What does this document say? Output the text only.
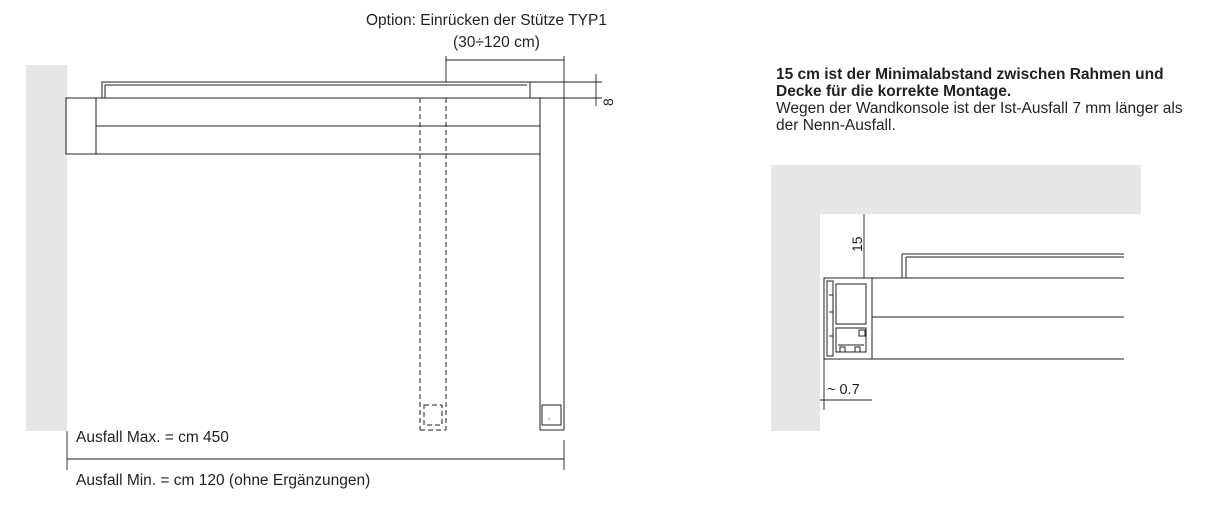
≈
Option: Einrücken der Stütze TYP1
(30÷120 cm)
8
Ausfall Max. = cm 450
Ausfall Min. = cm 120 (ohne Ergänzungen)
15
~ 0.7
15 cm ist der Minimalabstand zwischen Rahmen und Decke für die korrekte Montage.
Wegen der Wandkonsole ist der Ist-Ausfall 7 mm länger als der Nenn-Ausfall.
